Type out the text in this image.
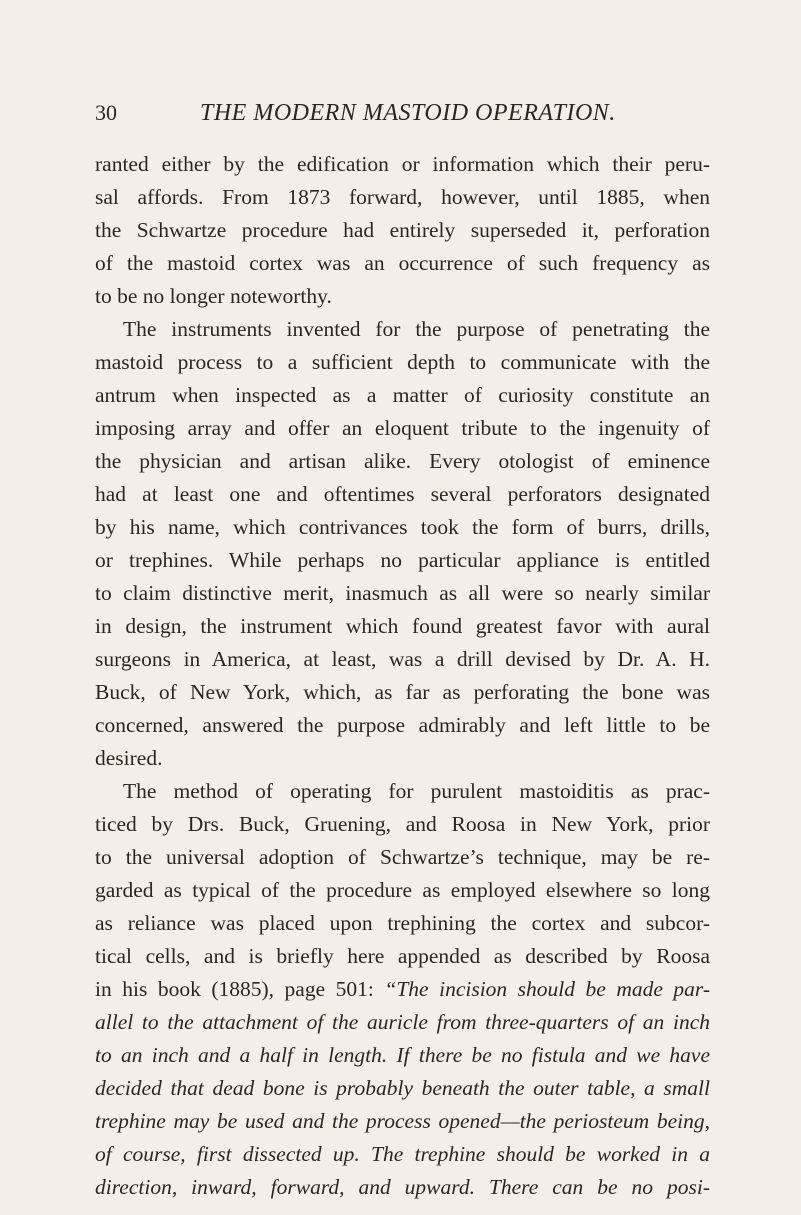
30	THE MODERN MASTOID OPERATION.
ranted either by the edification or information which their peru-
sal affords. From 1873 forward, however, until 1885, when
the Schwartze procedure had entirely superseded it, perforation
of the mastoid cortex was an occurrence of such frequency as
to be no longer noteworthy.
The instruments invented for the purpose of penetrating the
mastoid process to a sufficient depth to communicate with the
antrum when inspected as a matter of curiosity constitute an
imposing array and offer an eloquent tribute to the ingenuity of
the physician and artisan alike. Every otologist of eminence
had at least one and oftentimes several perforators designated
by his name, which contrivances took the form of burrs, drills,
or trephines. While perhaps no particular appliance is entitled
to claim distinctive merit, inasmuch as all were so nearly similar
in design, the instrument which found greatest favor with aural
surgeons in America, at least, was a drill devised by Dr. A. H.
Buck, of New York, which, as far as perforating the bone was
concerned, answered the purpose admirably and left little to be
desired.
The method of operating for purulent mastoiditis as prac-
ticed by Drs. Buck, Gruening, and Roosa in New York, prior
to the universal adoption of Schwartze’s technique, may be re-
garded as typical of the procedure as employed elsewhere so long
as reliance was placed upon trephining the cortex and subcor-
tical cells, and is briefly here appended as described by Roosa
in his book (1885), page 501: “The incision should be made par-
allel to the attachment of the auricle from three-quarters of an inch
to an inch and a half in length. If there be no fistula and we have
decided that dead bone is probably beneath the outer table, a small
trephine may be used and the process opened—the periosteum being,
of course, first dissected up. The trephine should be worked in a
direction, inward, forward, and upward. There can be no posi-
